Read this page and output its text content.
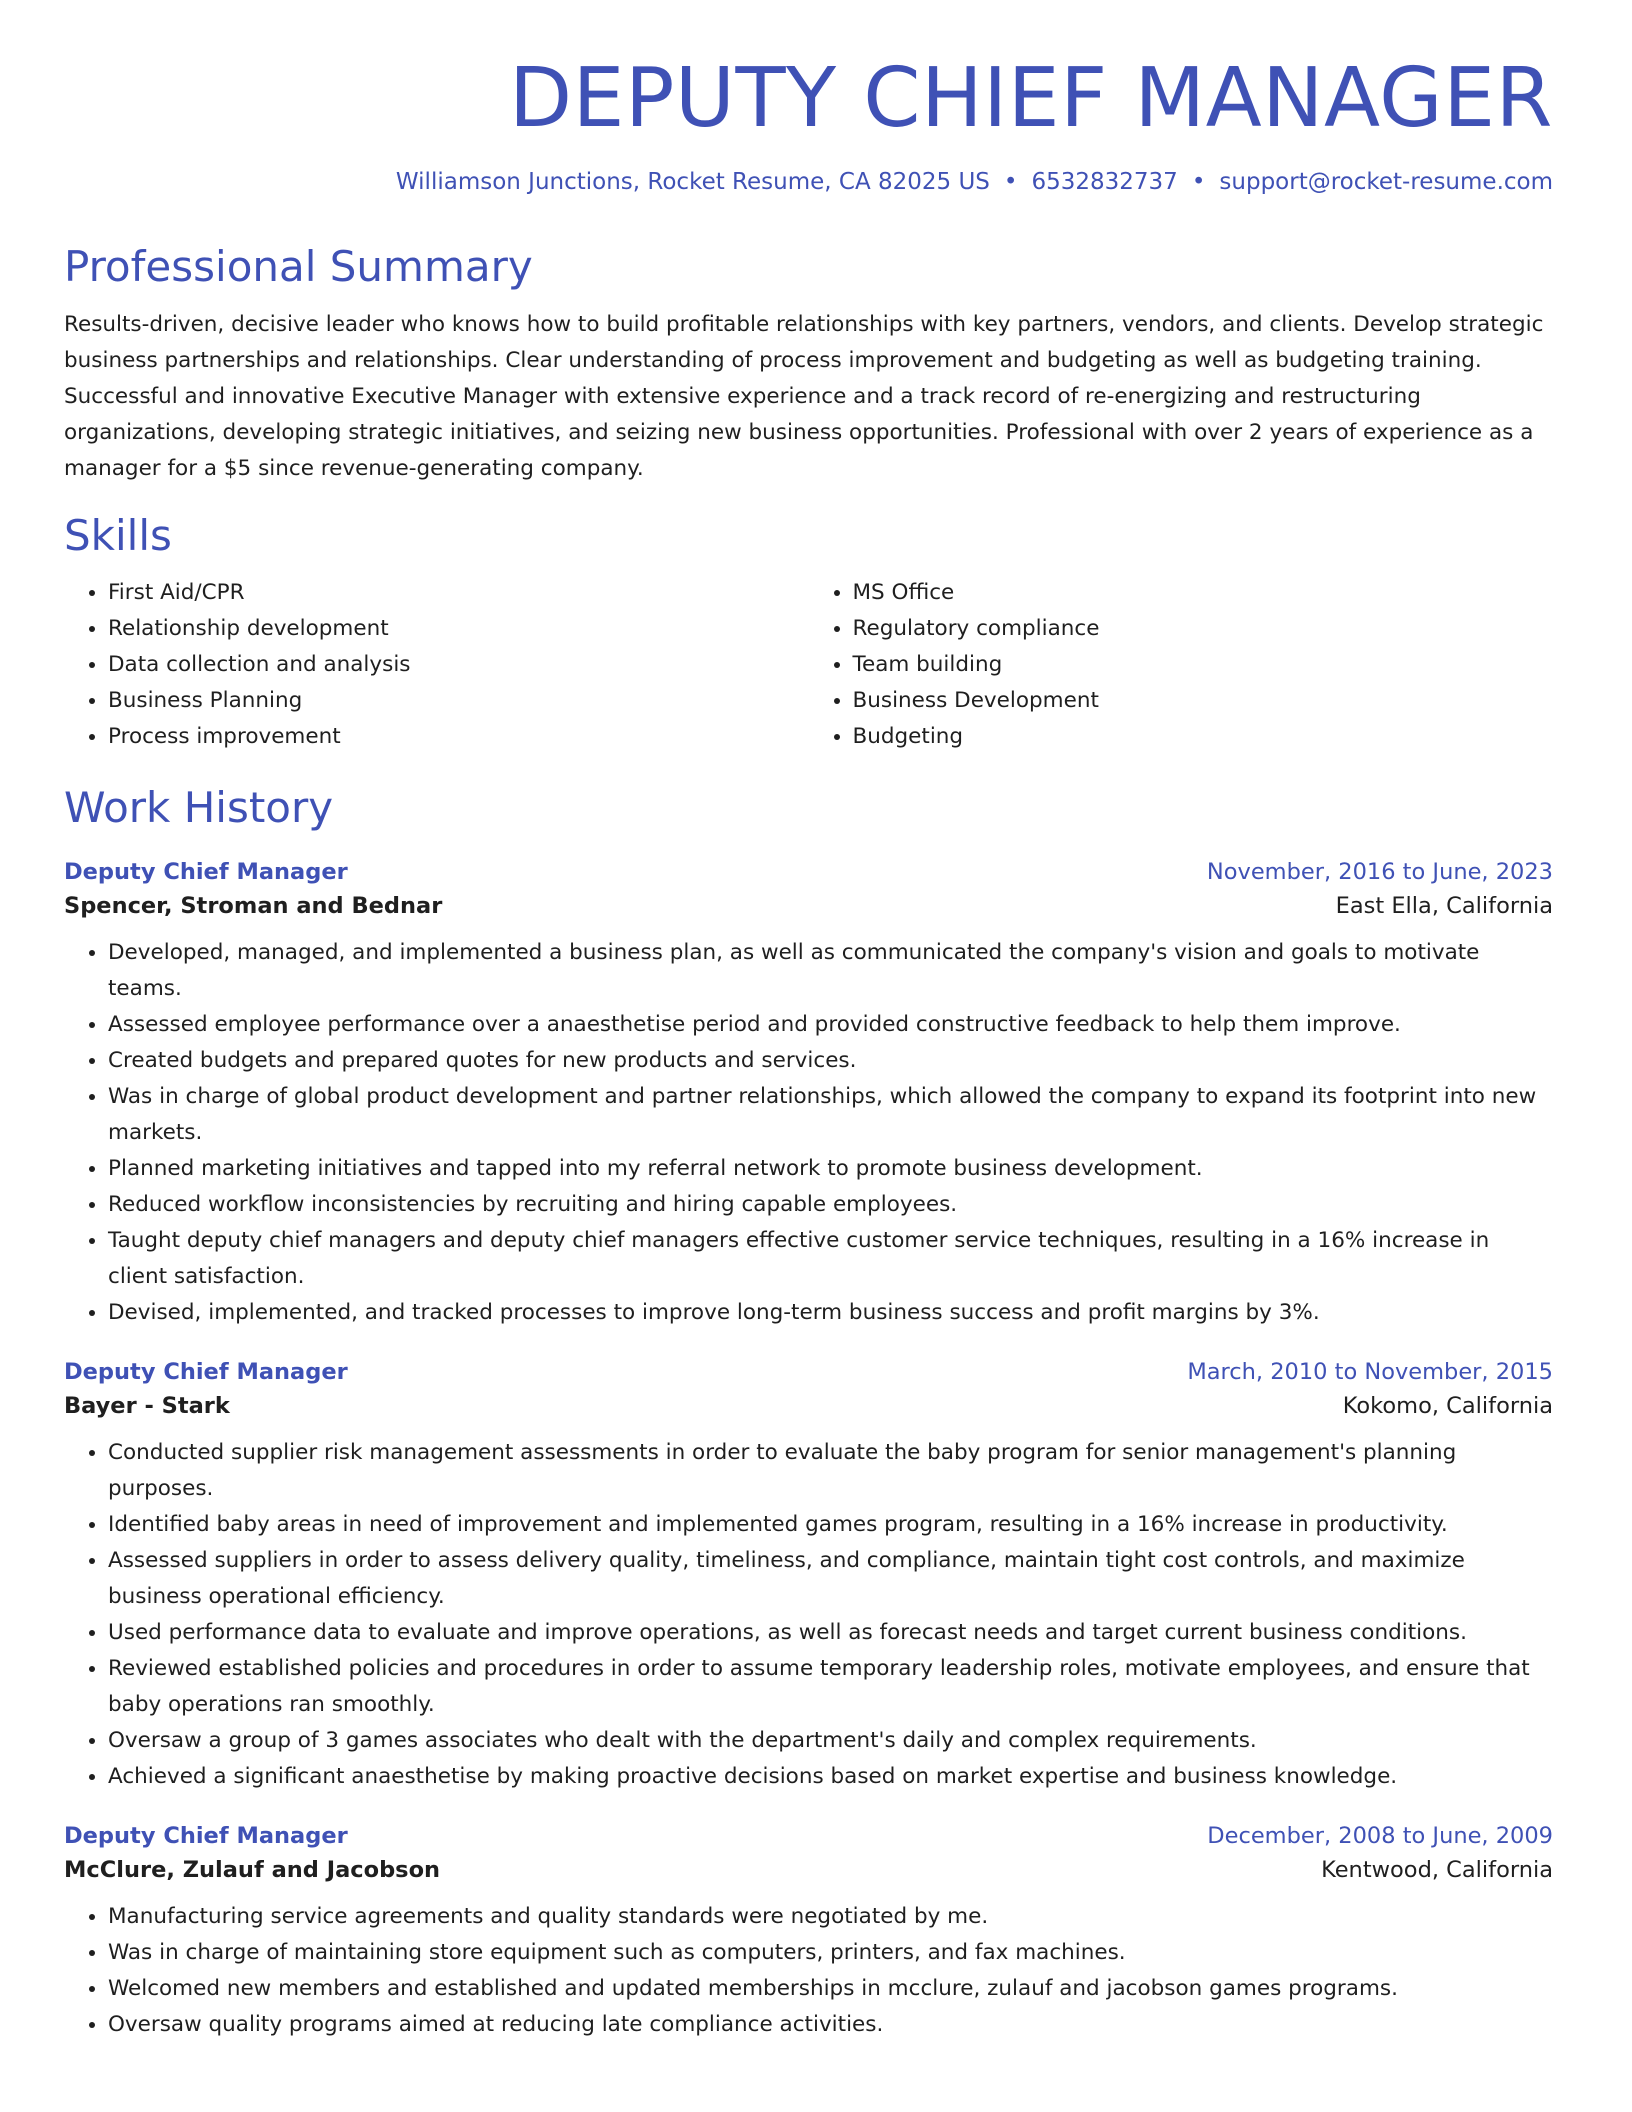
DEPUTY CHIEF MANAGER
Williamson Junctions, Rocket Resume, CA 82025 US • 6532832737 • support@rocket-resume.com
Professional Summary

Results-driven, decisive leader who knows how to build profitable relationships with key partners, vendors, and clients. Develop strategic business partnerships and relationships. Clear understanding of process improvement and budgeting as well as budgeting training. Successful and innovative Executive Manager with extensive experience and a track record of re-energizing and restructuring organizations, developing strategic initiatives, and seizing new business opportunities. Professional with over 2 years of experience as a manager for a $5 since revenue-generating company.

Skills
• First Aid/CPR
• Relationship development
• Data collection and analysis
• Business Planning
• Process improvement
• MS Office
• Regulatory compliance
• Team building
• Business Development
• Budgeting
Work History
Deputy Chief Manager	November, 2016 to June, 2023
Spencer, Stroman and Bednar	East Ella, California
• Developed, managed, and implemented a business plan, as well as communicated the company's vision and goals to motivate teams.
• Assessed employee performance over a anaesthetise period and provided constructive feedback to help them improve.
• Created budgets and prepared quotes for new products and services.
• Was in charge of global product development and partner relationships, which allowed the company to expand its footprint into new markets.
• Planned marketing initiatives and tapped into my referral network to promote business development.
• Reduced workflow inconsistencies by recruiting and hiring capable employees.
• Taught deputy chief managers and deputy chief managers effective customer service techniques, resulting in a 16% increase in client satisfaction.
• Devised, implemented, and tracked processes to improve long-term business success and profit margins by 3%.
Deputy Chief Manager	March, 2010 to November, 2015
Bayer - Stark	Kokomo, California
• Conducted supplier risk management assessments in order to evaluate the baby program for senior management's planning purposes.
• Identified baby areas in need of improvement and implemented games program, resulting in a 16% increase in productivity.
• Assessed suppliers in order to assess delivery quality, timeliness, and compliance, maintain tight cost controls, and maximize business operational efficiency.
• Used performance data to evaluate and improve operations, as well as forecast needs and target current business conditions.
• Reviewed established policies and procedures in order to assume temporary leadership roles, motivate employees, and ensure that baby operations ran smoothly.
• Oversaw a group of 3 games associates who dealt with the department's daily and complex requirements.
• Achieved a significant anaesthetise by making proactive decisions based on market expertise and business knowledge.
Deputy Chief Manager	December, 2008 to June, 2009
McClure, Zulauf and Jacobson	Kentwood, California
• Manufacturing service agreements and quality standards were negotiated by me.
• Was in charge of maintaining store equipment such as computers, printers, and fax machines.
• Welcomed new members and established and updated memberships in mcclure, zulauf and jacobson games programs.
• Oversaw quality programs aimed at reducing late compliance activities.
